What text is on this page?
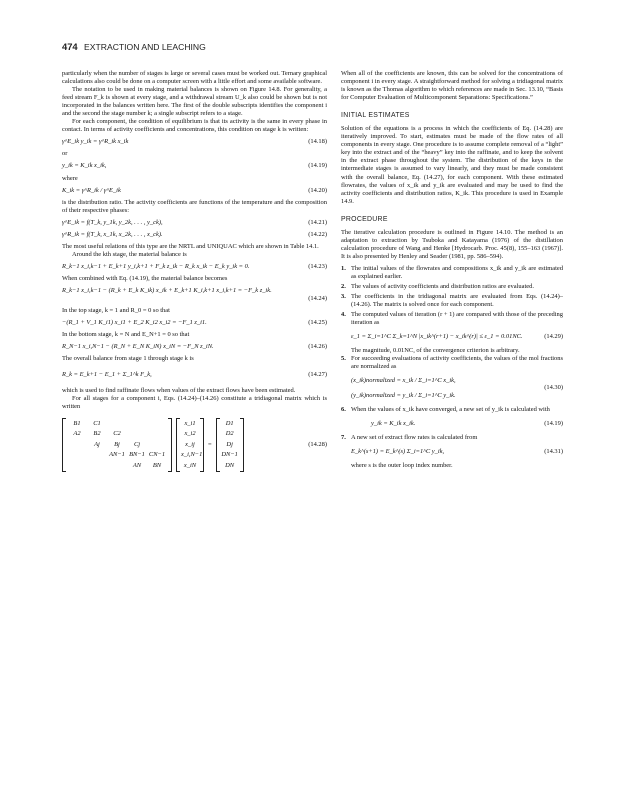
474 EXTRACTION AND LEACHING

particularly when the number of stages is large or several cases must be worked out. Ternary graphical calculations also could be done on a computer screen with a little effort and some available software.

The notation to be used in making material balances is shown on Figure 14.8. For generality, a feed stream F_k is shown at every stage, and a withdrawal stream U_k also could be shown but is not incorporated in the balances written here. The first of the double subscripts identifies the component i and the second the stage number k; a single subscript refers to a stage.

For each component, the condition of equilibrium is that its activity is the same in every phase in contact. In terms of activity coefficients and concentrations, this condition on stage k is written:

γ^E_ik y_ik = γ^R_ik x_ik	(14.18)

or

y_ik = K_ik x_ik,	(14.19)

where

K_ik = γ^R_ik / γ^E_ik	(14.20)

is the distribution ratio. The activity coefficients are functions of the temperature and the composition of their respective phases:

γ^E_ik = f(T_k, y_1k, y_2k, . . . , y_ck),	(14.21)
γ^R_ik = f(T_k, x_1k, x_2k, . . . , x_ck).	(14.22)

The most useful relations of this type are the NRTL and UNIQUAC which are shown in Table 14.1.

Around the kth stage, the material balance is

R_k−1 x_i,k−1 + E_k+1 y_i,k+1 + F_k z_ik − R_k x_ik − E_k y_ik = 0.	(14.23)

When combined with Eq. (14.19), the material balance becomes

R_k−1 x_i,k−1 − (R_k + E_k K_ik) x_ik + E_k+1 K_i,k+1 x_i,k+1 = −F_k z_ik.
(14.24)

In the top stage, k = 1 and R_0 = 0 so that

−(R_1 + V_1 K_i1) x_i1 + E_2 K_i2 x_i2 = −F_1 z_i1.	(14.25)

In the bottom stage, k = N and E_N+1 = 0 so that

R_N−1 x_i,N−1 − (R_N + E_N K_iN) x_iN = −F_N z_iN.	(14.26)

The overall balance from stage 1 through stage k is

R_k = E_k+1 − E_1 + Σ_1^k F_k,	(14.27)

which is used to find raffinate flows when values of the extract flows have been estimated.

For all stages for a component i, Eqs. (14.24)–(14.26) constitute a tridiagonal matrix which is written

B1	C1
A2	B2	C2
Aj	Bj	Cj
AN−1 BN−1 CN−1
AN	BN
x_i1
x_i2
x_ij
x_i,N−1
x_iN
=
D1
D2
Dj
DN−1
DN
(14.28)

When all of the coefficients are known, this can be solved for the concentrations of component i in every stage. A straightforward method for solving a tridiagonal matrix is known as the Thomas algorithm to which references are made in Sec. 13.10, “Basis for Computer Evaluation of Multicomponent Separations: Specifications.”

INITIAL ESTIMATES

Solution of the equations is a process in which the coefficients of Eq. (14.28) are iteratively improved. To start, estimates must be made of the flow rates of all components in every stage. One procedure is to assume complete removal of a “light” key into the extract and of the “heavy” key into the raffinate, and to keep the solvent in the extract phase throughout the system. The distribution of the keys in the intermediate stages is assumed to vary linearly, and they must be made consistent with the overall balance, Eq. (14.27), for each component. With these estimated flowrates, the values of x_ik and y_ik are evaluated and may be used to find the activity coefficients and distribution ratios, K_ik. This procedure is used in Example 14.9.

PROCEDURE

The iterative calculation procedure is outlined in Figure 14.10. The method is an adaptation to extraction by Tsuboka and Katayama (1976) of the distillation calculation procedure of Wang and Henke [Hydrocarb. Proc. 45(8), 155–163 (1967)]. It is also presented by Henley and Seader (1981, pp. 586–594).

1. The initial values of the flowrates and compositions x_ik and y_ik are estimated as explained earlier.
2. The values of activity coefficients and distribution ratios are evaluated.
3. The coefficients in the tridiagonal matrix are evaluated from Eqs. (14.24)–(14.26). The matrix is solved once for each component.
4. The computed values of iteration (r + 1) are compared with those of the preceding iteration as
ε_1 = Σ_i=1^C Σ_k=1^N |x_ik^(r+1) − x_ik^(r)| ≤ ε_1 = 0.01NC.	(14.29)

The magnitude, 0.01NC, of the convergence criterion is arbitrary.

5. For succeeding evaluations of activity coefficients, the values of the mol fractions are normalized as
(x_ik)normalized = x_ik / Σ_i=1^C x_ik,
(y_ik)normalized = y_ik / Σ_i=1^C y_ik.
(14.30)
6. When the values of x_ik have converged, a new set of y_ik is calculated with
y_ik = K_ik x_ik.	(14.19)
7. A new set of extract flow rates is calculated from
E_k^(s+1) = E_k^(s) Σ_i=1^C y_ik,	(14.31)

where s is the outer loop index number.
